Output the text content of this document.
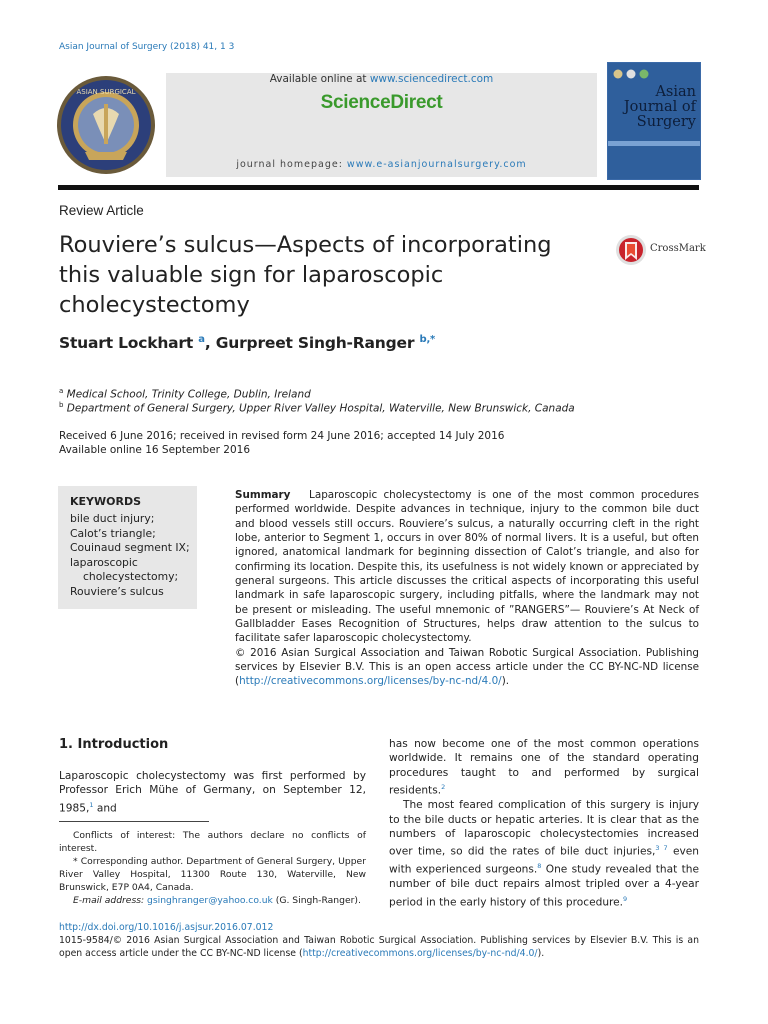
Asian Journal of Surgery (2018) 41, 1 3
ASIAN SURGICAL
Available online at www.sciencedirect.com
ScienceDirect
journal homepage: www.e-asianjournalsurgery.com
Asian Journal of Surgery
Review Article
Rouviere’s sulcus—Aspects of incorporating this valuable sign for laparoscopic cholecystectomy
CrossMark
Stuart Lockhart $^a$, Gurpreet Singh-Ranger $^{b,*}$
$^a$ Medical School, Trinity College, Dublin, Ireland
$^b$ Department of General Surgery, Upper River Valley Hospital, Waterville, New Brunswick, Canada
Received 6 June 2016; received in revised form 24 June 2016; accepted 14 July 2016
Available online 16 September 2016
KEYWORDS
bile duct injury;
Calot’s triangle;
Couinaud segment IX;
laparoscopic
cholecystectomy;
Rouviere’s sulcus
Summary Laparoscopic cholecystectomy is one of the most common procedures performed worldwide. Despite advances in technique, injury to the common bile duct and blood vessels still occurs. Rouviere’s sulcus, a naturally occurring cleft in the right lobe, anterior to Segment 1, occurs in over 80% of normal livers. It is a useful, but often ignored, anatomical landmark for beginning dissection of Calot’s triangle, and also for confirming its location. Despite this, its usefulness is not widely known or appreciated by general surgeons. This article discusses the critical aspects of incorporating this useful landmark in safe laparoscopic surgery, including pitfalls, where the landmark may not be present or misleading. The useful mnemonic of ”RANGERS”— Rouviere’s At Neck of Gallbladder Eases Recognition of Structures, helps draw attention to the sulcus to facilitate safer laparoscopic cholecystectomy.
© 2016 Asian Surgical Association and Taiwan Robotic Surgical Association. Publishing services by Elsevier B.V. This is an open access article under the CC BY-NC-ND license (http://creativecommons.org/licenses/by-nc-nd/4.0/).
1. Introduction
Laparoscopic cholecystectomy was first performed by Professor Erich Mühe of Germany, on September 12, 1985,$^1$ and

Conflicts of interest: The authors declare no conflicts of interest.

* Corresponding author. Department of General Surgery, Upper River Valley Hospital, 11300 Route 130, Waterville, New Brunswick, E7P 0A4, Canada.

E-mail address: gsinghranger@yahoo.co.uk (G. Singh-Ranger).

has now become one of the most common operations worldwide. It remains one of the standard operating procedures taught to and performed by surgical residents.$^2$

The most feared complication of this surgery is injury to the bile ducts or hepatic arteries. It is clear that as the numbers of laparoscopic cholecystectomies increased over time, so did the rates of bile duct injuries,$^{3 7}$ even with experienced surgeons.$^8$ One study revealed that the number of bile duct repairs almost tripled over a 4-year period in the early history of this procedure.$^9$

http://dx.doi.org/10.1016/j.asjsur.2016.07.012
1015-9584/© 2016 Asian Surgical Association and Taiwan Robotic Surgical Association. Publishing services by Elsevier B.V. This is an open access article under the CC BY-NC-ND license (http://creativecommons.org/licenses/by-nc-nd/4.0/).
